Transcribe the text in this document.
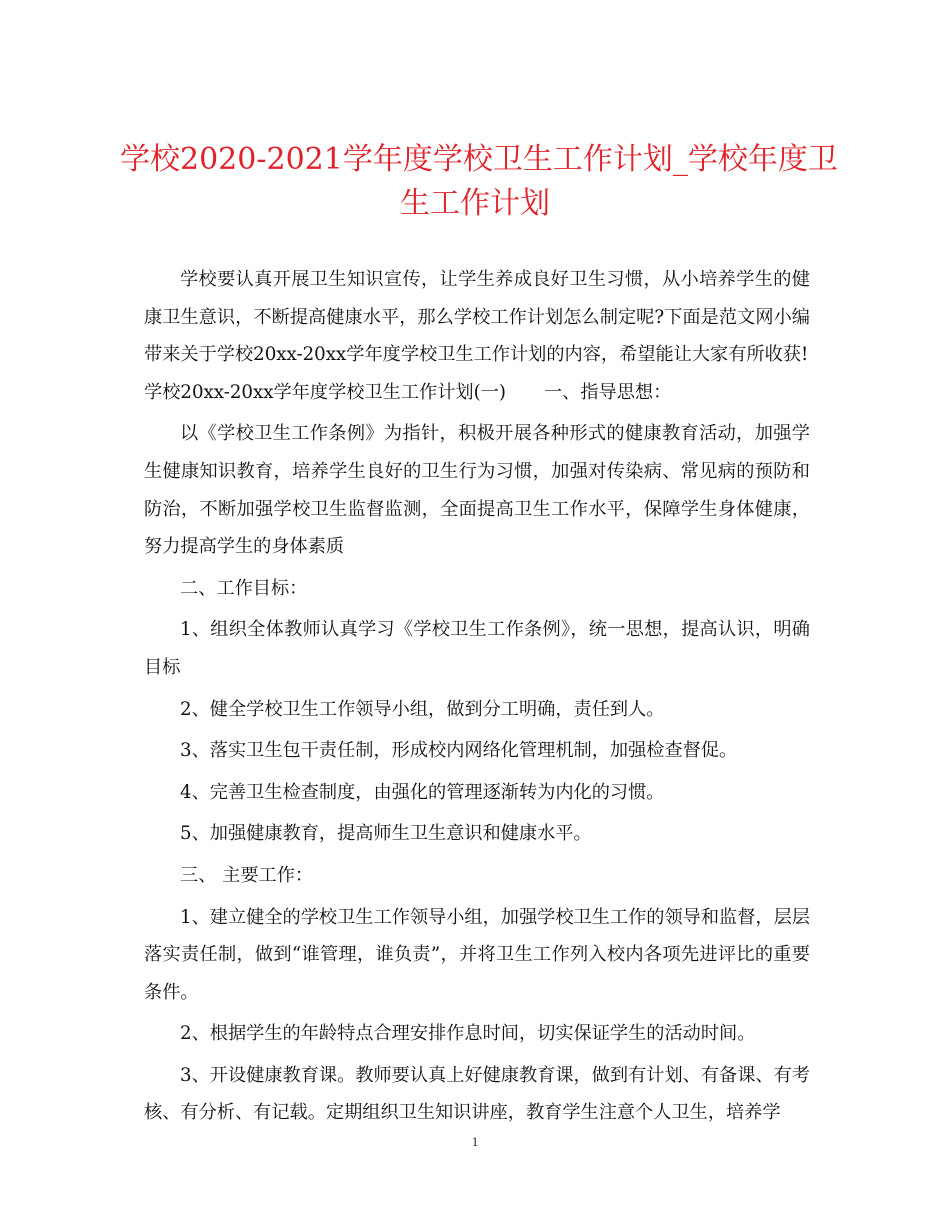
学校2020-2021学年度学校卫生工作计划_学校年度卫
生工作计划

学校要认真开展卫生知识宣传，让学生养成良好卫生习惯，从小培养学生的健康卫生意识，不断提高健康水平，那么学校工作计划怎么制定呢?下面是范文网小编带来关于学校20xx-20xx学年度学校卫生工作计划的内容，希望能让大家有所收获!

学校20xx-20xx学年度学校卫生工作计划(一) 一、指导思想：

以《学校卫生工作条例》为指针，积极开展各种形式的健康教育活动，加强学生健康知识教育，培养学生良好的卫生行为习惯，加强对传染病、常见病的预防和防治，不断加强学校卫生监督监测，全面提高卫生工作水平，保障学生身体健康，努力提高学生的身体素质

二、工作目标：

1、组织全体教师认真学习《学校卫生工作条例》，统一思想，提高认识，明确目标

2、健全学校卫生工作领导小组，做到分工明确，责任到人。

3、落实卫生包干责任制，形成校内网络化管理机制，加强检查督促。

4、完善卫生检查制度，由强化的管理逐渐转为内化的习惯。

5、加强健康教育，提高师生卫生意识和健康水平。

三、 主要工作：

1、建立健全的学校卫生工作领导小组，加强学校卫生工作的领导和监督，层层落实责任制，做到“谁管理，谁负责”，并将卫生工作列入校内各项先进评比的重要条件。

2、根据学生的年龄特点合理安排作息时间，切实保证学生的活动时间。

3、开设健康教育课。教师要认真上好健康教育课，做到有计划、有备课、有考核、有分析、有记载。定期组织卫生知识讲座，教育学生注意个人卫生，培养学

1
